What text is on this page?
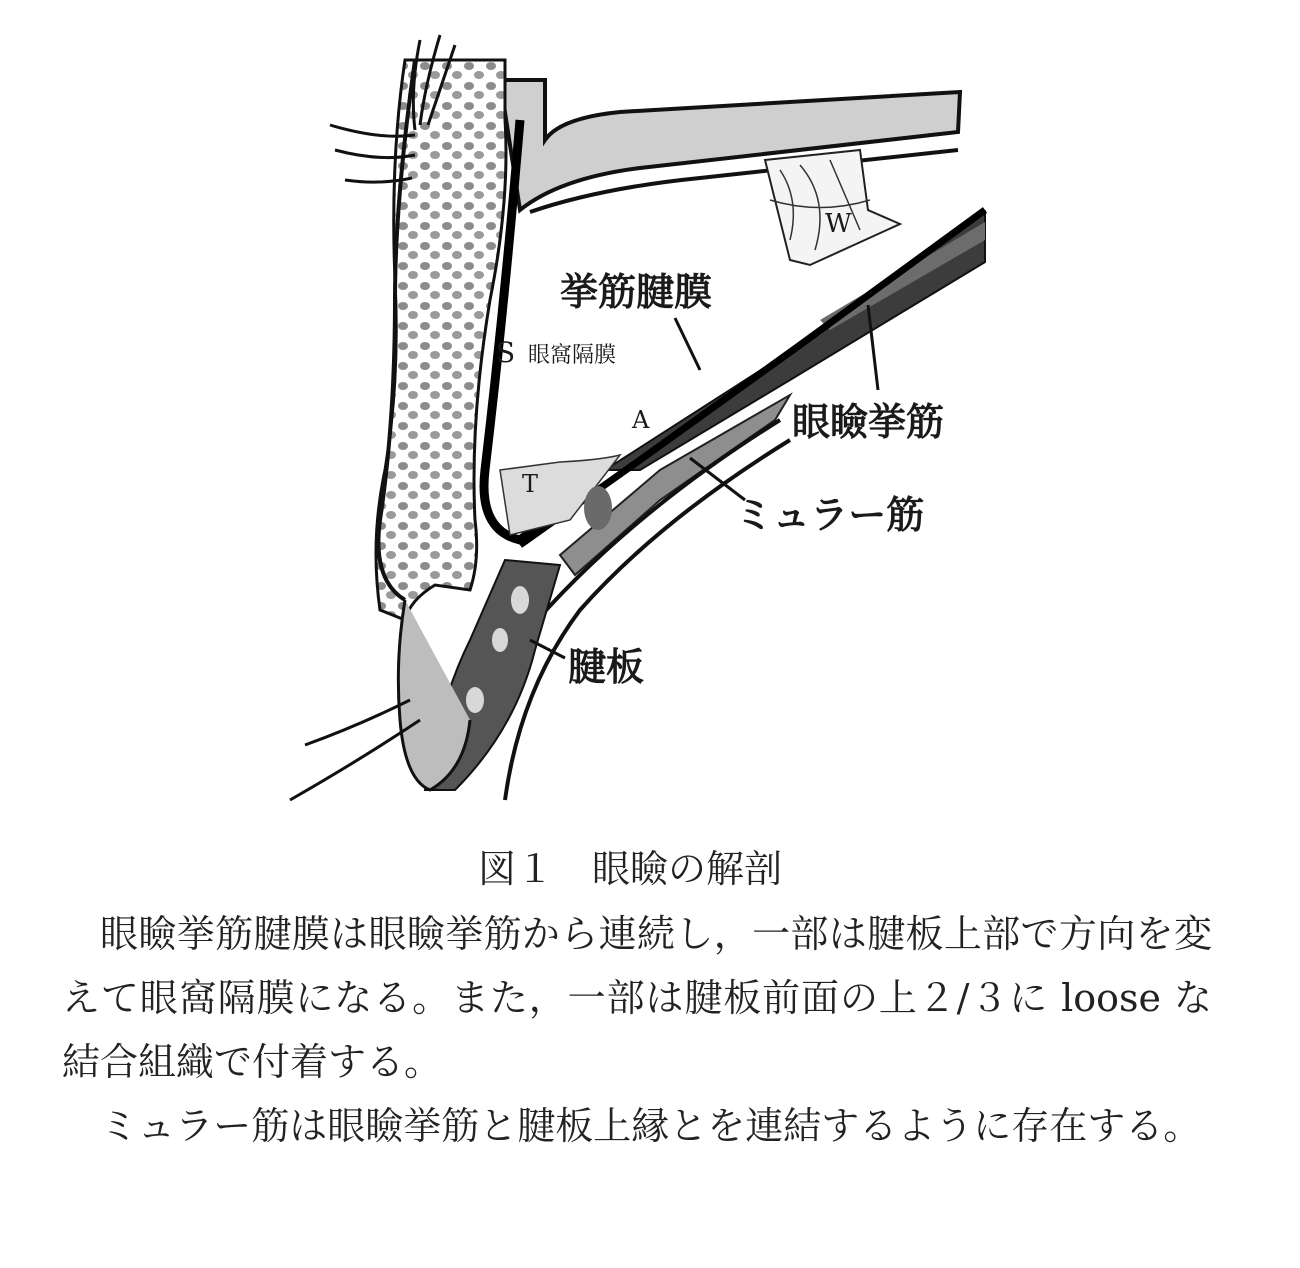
挙筋腱膜
S 眼窩隔膜
W
A
T
眼瞼挙筋
ミュラー筋
腱板
図１　眼瞼の解剖

眼瞼挙筋腱膜は眼瞼挙筋から連続し，一部は腱板上部で方向を変えて眼窩隔膜になる。また，一部は腱板前面の上２/３に loose な結合組織で付着する。

ミュラー筋は眼瞼挙筋と腱板上縁とを連結するように存在する。
